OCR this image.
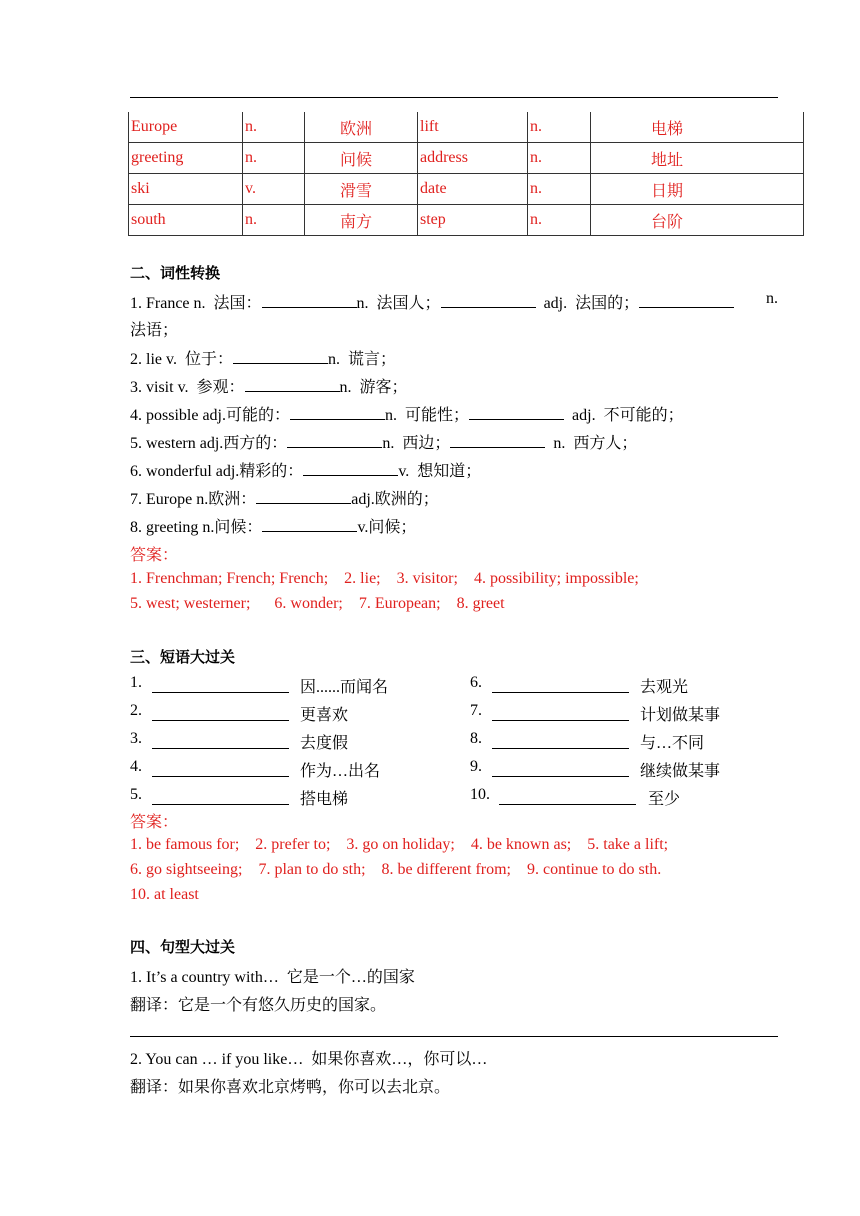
Europe	n.	欧洲	lift	n.	电梯
greeting	n.	问候	address	n.	地址
ski	v.	滑雪	date	n.	日期
south	n.	南方	step	n.	台阶
二、词性转换
1. France n.  法国：	n.  法国人；	adj.  法国的；	n.
法语；
2. lie v.  位于：	n.  谎言；
3. visit v.  参观：	n.  游客；
4. possible adj.可能的：	n.  可能性；	adj.  不可能的；
5. western adj.西方的：	n.  西边；	n.  西方人；
6. wonderful adj.精彩的：	v.  想知道；
7. Europe n.欧洲：	adj.欧洲的；
8. greeting n.问候：	v.问候；
答案：
1. Frenchman; French; French;    2. lie;    3. visitor;    4. possibility; impossible;
5. west; westerner;      6. wonder;    7. European;    8. greet
三、短语大过关
1.	因......而闻名
2.	更喜欢
3.	去度假
4.	作为…出名
5.	搭电梯
6.	去观光
7.	计划做某事
8.	与…不同
9.	继续做某事
10.	至少
答案：
1. be famous for;    2. prefer to;    3. go on holiday;    4. be known as;    5. take a lift;
6. go sightseeing;    7. plan to do sth;    8. be different from;    9. continue to do sth.
10. at least
四、句型大过关
1. It’s a country with…  它是一个…的国家
翻译：它是一个有悠久历史的国家。
2. You can … if you like…  如果你喜欢…，你可以…
翻译：如果你喜欢北京烤鸭，你可以去北京。
